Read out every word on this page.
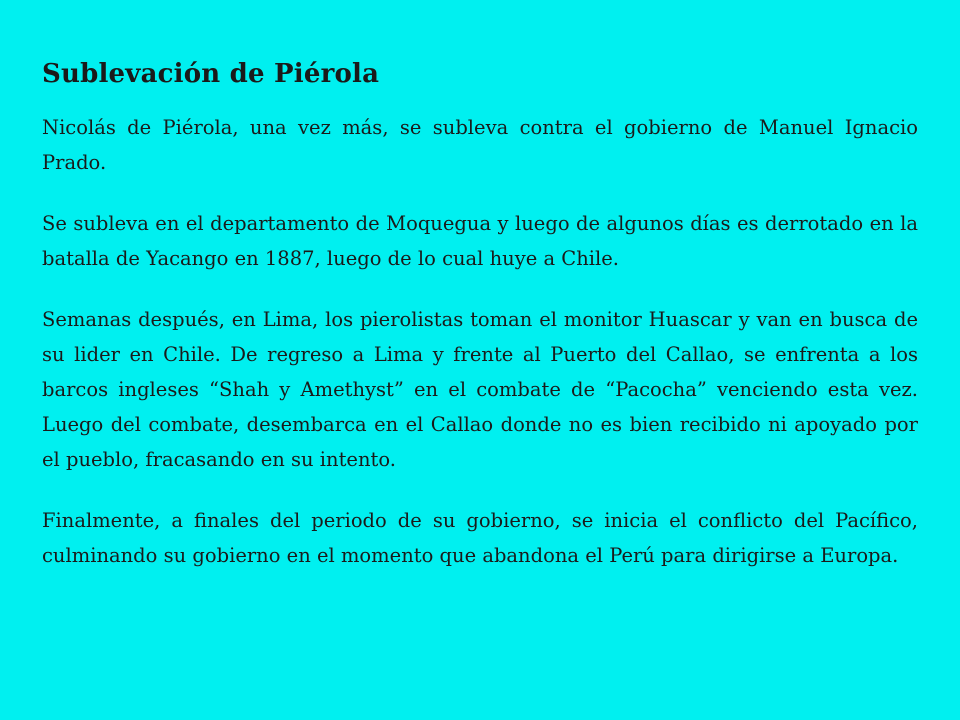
Sublevación de Piérola

Nicolás de Piérola, una vez más, se subleva contra el gobierno de Manuel Ignacio Prado.

Se subleva en el departamento de Moquegua y luego de algunos días es derrotado en la batalla de Yacango en 1887, luego de lo cual huye a Chile.

Semanas después, en Lima, los pierolistas toman el monitor Huascar y van en busca de su lider en Chile. De regreso a Lima y frente al Puerto del Callao, se enfrenta a los barcos ingleses “Shah y Amethyst” en el combate de “Pacocha” venciendo esta vez. Luego del combate, desembarca en el Callao donde no es bien recibido ni apoyado por el pueblo, fracasando en su intento.

Finalmente, a finales del periodo de su gobierno, se inicia el conflicto del Pacífico, culminando su gobierno en el momento que abandona el Perú para dirigirse a Europa.
